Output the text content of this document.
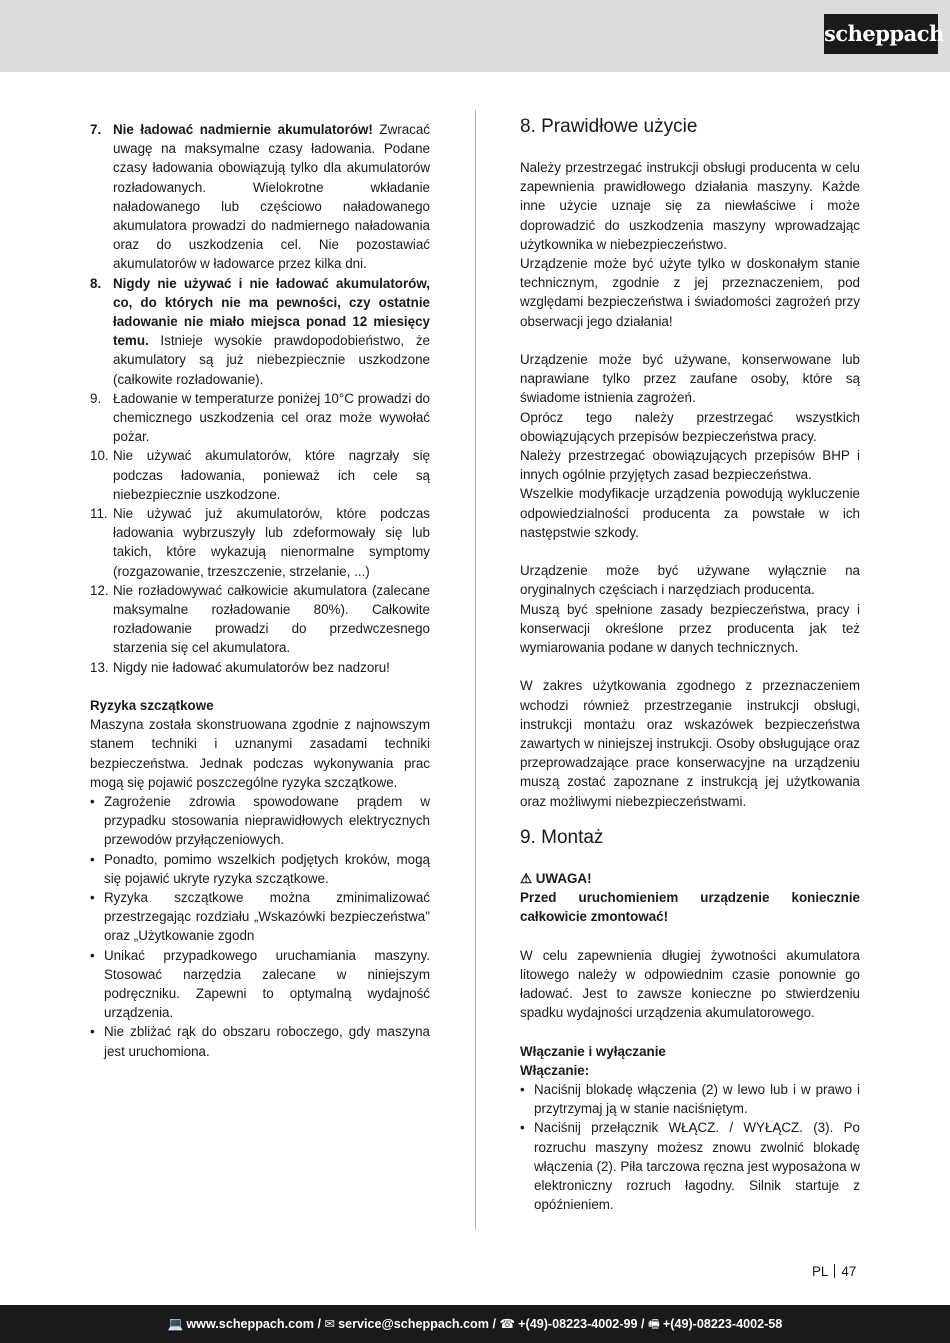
scheppach
7. Nie ładować nadmiernie akumulatorów! Zwracać uwagę na maksymalne czasy ładowania. Podane czasy ładowania obowiązują tylko dla akumulatorów rozładowanych. Wielokrotne wkładanie naładowanego lub częściowo naładowanego akumulatora prowadzi do nadmiernego naładowania oraz do uszkodzenia cel. Nie pozostawiać akumulatorów w ładowarce przez kilka dni.
8. Nigdy nie używać i nie ładować akumulatorów, co, do których nie ma pewności, czy ostatnie ładowanie nie miało miejsca ponad 12 miesięcy temu. Istnieje wysokie prawdopodobieństwo, że akumulatory są już niebezpiecznie uszkodzone (całkowite rozładowanie).
9. Ładowanie w temperaturze poniżej 10°C prowadzi do chemicznego uszkodzenia cel oraz może wywołać pożar.
10. Nie używać akumulatorów, które nagrzały się podczas ładowania, ponieważ ich cele są niebezpiecznie uszkodzone.
11. Nie używać już akumulatorów, które podczas ładowania wybrzuszyły lub zdeformowały się lub takich, które wykazują nienormalne symptomy (rozgazowanie, trzeszczenie, strzelanie, ...)
12. Nie rozładowywać całkowicie akumulatora (zalecane maksymalne rozładowanie 80%). Całkowite rozładowanie prowadzi do przedwczesnego starzenia się cel akumulatora.
13. Nigdy nie ładować akumulatorów bez nadzoru!
Ryzyka szczątkowe

Maszyna została skonstruowana zgodnie z najnowszym stanem techniki i uznanymi zasadami techniki bezpieczeństwa. Jednak podczas wykonywania prac mogą się pojawić poszczególne ryzyka szczątkowe.

• Zagrożenie zdrowia spowodowane prądem w przypadku stosowania nieprawidłowych elektrycznych przewodów przyłączeniowych.
• Ponadto, pomimo wszelkich podjętych kroków, mogą się pojawić ukryte ryzyka szczątkowe.
• Ryzyka szczątkowe można zminimalizować przestrzegając rozdziału „Wskazówki bezpieczeństwa" oraz „Użytkowanie zgodn
• Unikać przypadkowego uruchamiania maszyny. Stosować narzędzia zalecane w niniejszym podręczniku. Zapewni to optymalną wydajność urządzenia.
• Nie zbliżać rąk do obszaru roboczego, gdy maszyna jest uruchomiona.
8. Prawidłowe użycie

Należy przestrzegać instrukcji obsługi producenta w celu zapewnienia prawidłowego działania maszyny. Każde inne użycie uznaje się za niewłaściwe i może doprowadzić do uszkodzenia maszyny wprowadzając użytkownika w niebezpieczeństwo.

Urządzenie może być użyte tylko w doskonałym stanie technicznym, zgodnie z jej przeznaczeniem, pod względami bezpieczeństwa i świadomości zagrożeń przy obserwacji jego działania!

Urządzenie może być używane, konserwowane lub naprawiane tylko przez zaufane osoby, które są świadome istnienia zagrożeń.

Oprócz tego należy przestrzegać wszystkich obowiązujących przepisów bezpieczeństwa pracy.

Należy przestrzegać obowiązujących przepisów BHP i innych ogólnie przyjętych zasad bezpieczeństwa.

Wszelkie modyfikacje urządzenia powodują wykluczenie odpowiedzialności producenta za powstałe w ich następstwie szkody.

Urządzenie może być używane wyłącznie na oryginalnych częściach i narzędziach producenta.

Muszą być spełnione zasady bezpieczeństwa, pracy i konserwacji określone przez producenta jak też wymiarowania podane w danych technicznych.

W zakres użytkowania zgodnego z przeznaczeniem wchodzi również przestrzeganie instrukcji obsługi, instrukcji montażu oraz wskazówek bezpieczeństwa zawartych w niniejszej instrukcji. Osoby obsługujące oraz przeprowadzające prace konserwacyjne na urządzeniu muszą zostać zapoznane z instrukcją jej użytkowania oraz możliwymi niebezpieczeństwami.

9. Montaż
⚠ UWAGA!

Przed uruchomieniem urządzenie koniecznie całkowicie zmontować!

W celu zapewnienia długiej żywotności akumulatora litowego należy w odpowiednim czasie ponownie go ładować. Jest to zawsze konieczne po stwierdzeniu spadku wydajności urządzenia akumulatorowego.

Włączanie i wyłączanie
Włączanie:
• Naciśnij blokadę włączenia (2) w lewo lub i w prawo i przytrzymaj ją w stanie naciśniętym.
• Naciśnij przełącznik WŁĄCZ. / WYŁĄCZ. (3). Po rozruchu maszyny możesz znowu zwolnić blokadę włączenia (2). Piła tarczowa ręczna jest wyposażona w elektroniczny rozruch łagodny. Silnik startuje z opóźnieniem.
PL 47
💻 www.scheppach.com / ✉ service@scheppach.com / ☎ +(49)-08223-4002-99 / 🖷 +(49)-08223-4002-58
